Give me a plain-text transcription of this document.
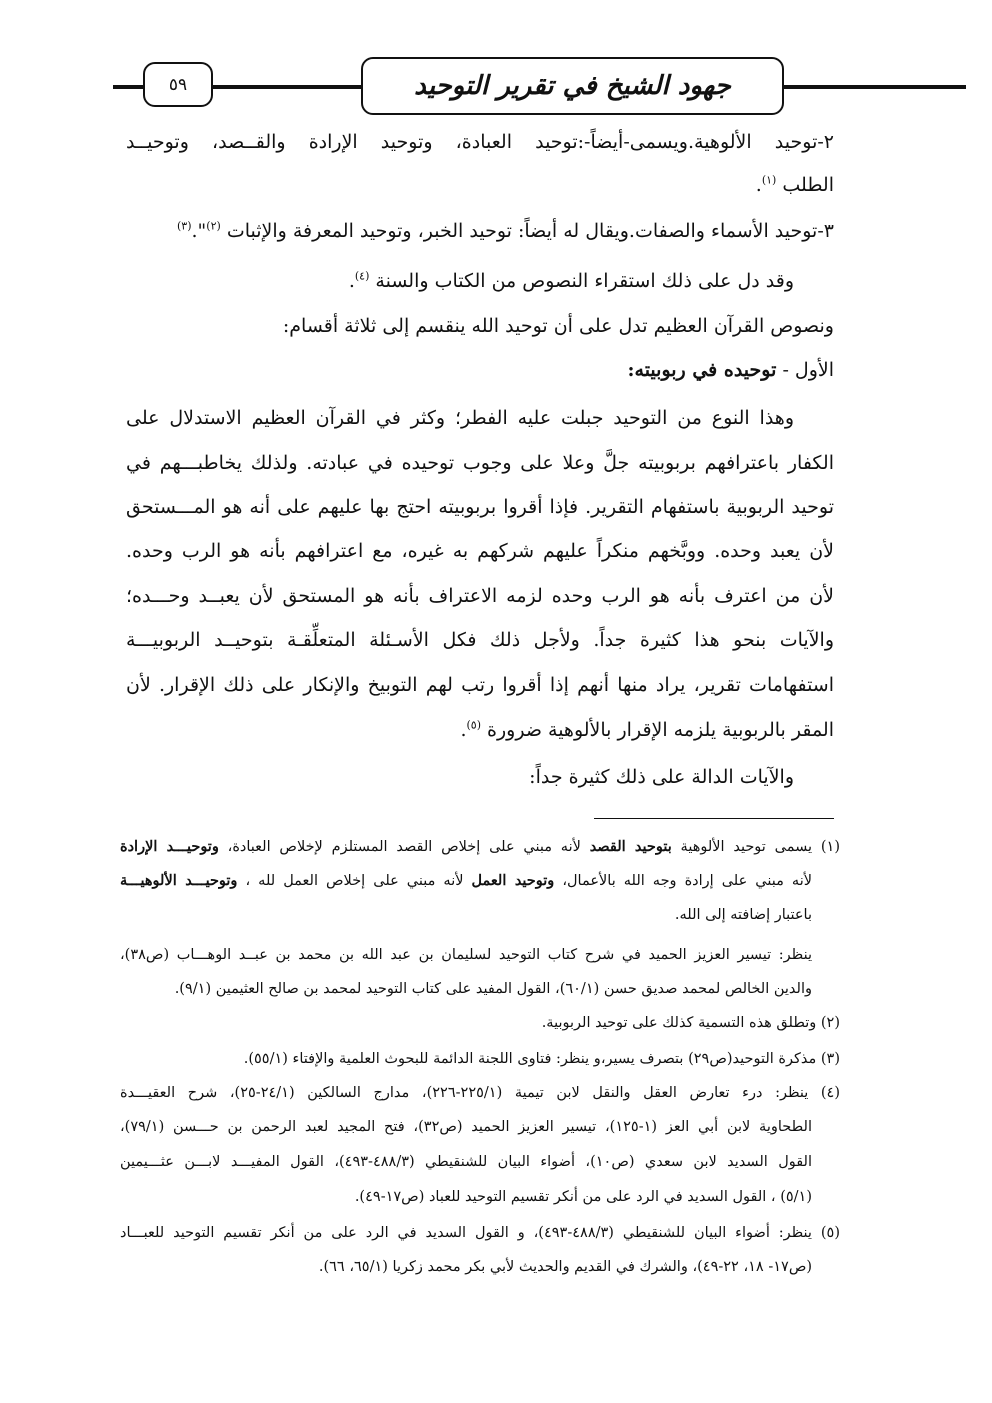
٥٩	جهود الشيخ في تقرير التوحيد
٢-توحيد الألوهية.ويسمى-أيضاً-:توحيد العبادة، وتوحيد الإرادة والقــصد، وتوحيــد
الطلب $^{(١)}$.
٣-توحيد الأسماء والصفات.ويقال له أيضاً: توحيد الخبر، وتوحيد المعرفة والإثبات $^{(٢)}$".$^{(٣)}$
وقد دل على ذلك استقراء النصوص من الكتاب والسنة $^{(٤)}$.
ونصوص القرآن العظيم تدل على أن توحيد الله ينقسم إلى ثلاثة أقسام:
الأول - توحيده في ربوبيته:
وهذا النوع من التوحيد جبلت عليه الفطر؛ وكثر في القرآن العظيم الاستدلال على
الكفار باعترافهم بربوبيته جلَّ وعلا على وجوب توحيده في عبادته. ولذلك يخاطبـــهم في
توحيد الربوبية باستفهام التقرير. فإذا أقروا بربوبيته احتج بها عليهم على أنه هو المـــستحق
لأن يعبد وحده. ووبَّخهم منكراً عليهم شركهم به غيره، مع اعترافهم بأنه هو الرب وحده.
لأن من اعترف بأنه هو الرب وحده لزمه الاعتراف بأنه هو المستحق لأن يعبــد وحـــده؛
والآيات بنحو هذا كثيرة جداً. ولأجل ذلك فكل الأسـئلة المتعلِّقـة بتوحيــد الربوبيـــة
استفهامات تقرير، يراد منها أنهم إذا أقروا رتب لهم التوبيخ والإنكار على ذلك الإقرار. لأن
المقر بالربوبية يلزمه الإقرار بالألوهية ضرورة $^{(٥)}$.
والآيات الدالة على ذلك كثيرة جداً:
(١) يسمى توحيد الألوهية بتوحيد القصد لأنه مبني على إخلاص القصد المستلزم لإخلاص العبادة، وتوحيـــد الإرادة
لأنه مبني على إرادة وجه الله بالأعمال، وتوحيد العمل لأنه مبني على إخلاص العمل لله ، وتوحيـــد الألوهيـــة
باعتبار إضافته إلى الله.
ينظر: تيسير العزيز الحميد في شرح كتاب التوحيد لسليمان بن عبد الله بن محمد بن عبــد الوهـــاب (ص٣٨)،
والدين الخالص لمحمد صديق حسن (٦٠/١)، القول المفيد على كتاب التوحيد لمحمد بن صالح العثيمين (٩/١).
(٢) وتطلق هذه التسمية كذلك على توحيد الربوبية.
(٣) مذكرة التوحيد(ص٢٩) بتصرف يسير،و ينظر: فتاوى اللجنة الدائمة للبحوث العلمية والإفتاء (٥٥/١).
(٤) ينظر: درء تعارض العقل والنقل لابن تيمية (٢٢٥/١-٢٢٦)، مدارج السالكين (٢٤/١-٢٥)، شرح العقيـــدة
الطحاوية لابن أبي العز (١-١٢٥)، تيسير العزيز الحميد (ص٣٢)، فتح المجيد لعبد الرحمن بن حـــسن (٧٩/١)،
القول السديد لابن سعدي (ص١٠)، أضواء البيان للشنقيطي (٤٨٨/٣-٤٩٣)، القول المفيـــد لابـــن عثـــيمين
(٥/١) ، القول السديد في الرد على من أنكر تقسيم التوحيد للعباد (ص١٧-٤٩).
(٥) ينظر: أضواء البيان للشنقيطي (٤٨٨/٣-٤٩٣)، و القول السديد في الرد على من أنكر تقسيم التوحيد للعبـــاد
(ص١٧- ١٨، ٢٢-٤٩)، والشرك في القديم والحديث لأبي بكر محمد زكريا (٦٥/١، ٦٦).
